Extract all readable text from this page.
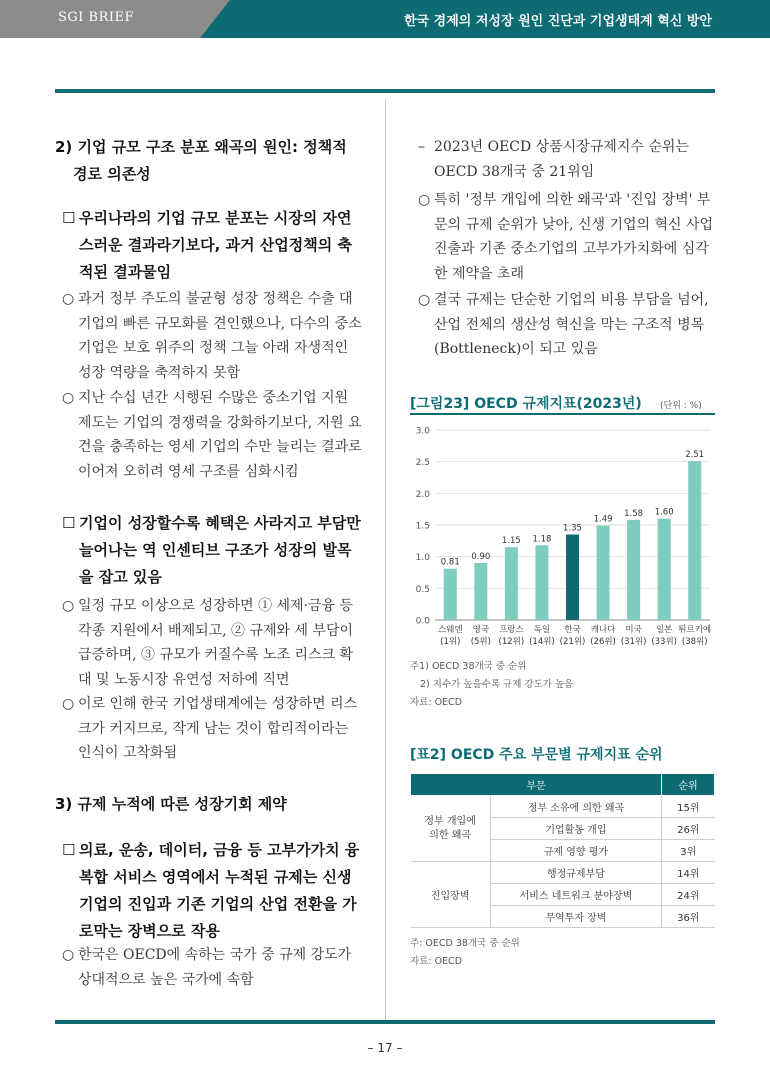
SGI BRIEF	한국 경제의 저성장 원인 진단과 기업생태계 혁신 방안
2) 기업 규모 구조 분포 왜곡의 원인: 정책적 경로 의존성
☐ 우리나라의 기업 규모 분포는 시장의 자연스러운 결과라기보다, 과거 산업정책의 축적된 결과물임
○ 과거 정부 주도의 불균형 성장 정책은 수출 대기업의 빠른 규모화를 견인했으나, 다수의 중소기업은 보호 위주의 정책 그늘 아래 자생적인 성장 역량을 축적하지 못함
○ 지난 수십 년간 시행된 수많은 중소기업 지원 제도는 기업의 경쟁력을 강화하기보다, 지원 요건을 충족하는 영세 기업의 수만 늘리는 결과로 이어져 오히려 영세 구조를 심화시킴
☐ 기업이 성장할수록 혜택은 사라지고 부담만 늘어나는 역 인센티브 구조가 성장의 발목을 잡고 있음
○ 일정 규모 이상으로 성장하면 ① 세제·금융 등 각종 지원에서 배제되고, ② 규제와 세 부담이 급증하며, ③ 규모가 커질수록 노조 리스크 확대 및 노동시장 유연성 저하에 직면
○ 이로 인해 한국 기업생태계에는 성장하면 리스크가 커지므로, 작게 남는 것이 합리적이라는 인식이 고착화됨
3) 규제 누적에 따른 성장기회 제약
☐ 의료, 운송, 데이터, 금융 등 고부가가치 융복합 서비스 영역에서 누적된 규제는 신생 기업의 진입과 기존 기업의 산업 전환을 가로막는 장벽으로 작용
○ 한국은 OECD에 속하는 국가 중 규제 강도가 상대적으로 높은 국가에 속함
– 2023년 OECD 상품시장규제지수 순위는 OECD 38개국 중 21위임
○ 특히 '정부 개입에 의한 왜곡'과 '진입 장벽' 부문의 규제 순위가 낮아, 신생 기업의 혁신 사업 진출과 기존 중소기업의 고부가가치화에 심각한 제약을 초래
○ 결국 규제는 단순한 기업의 비용 부담을 넘어, 산업 전체의 생산성 혁신을 막는 구조적 병목(Bottleneck)이 되고 있음
[그림23] OECD 규제지표(2023년) (단위 : %)
0.0
0.5
1.0
1.5
2.0
2.5
3.0
0.81
스웨덴
(1위)
0.90
영국
(5위)
1.15
프랑스
(12위)
1.18
독일
(14위)
1.35
한국
(21위)
1.49
캐나다
(26위)
1.58
미국
(31위)
1.60
일본
(33위)
2.51
튀르키예
(38위)
주1) OECD 38개국 중 순위
2) 지수가 높을수록 규제 강도가 높음
자료: OECD
[표2] OECD 주요 부문별 규제지표 순위
부문		순위
정부 개입에
의한 왜곡	정부 소유에 의한 왜곡	15위
	기업활동 개입	26위
	규제 영향 평가	3위
진입장벽	행정규제부담	14위
	서비스 네트워크 분야장벽	24위
	무역투자 장벽	36위
주: OECD 38개국 중 순위
자료: OECD
– 17 –
